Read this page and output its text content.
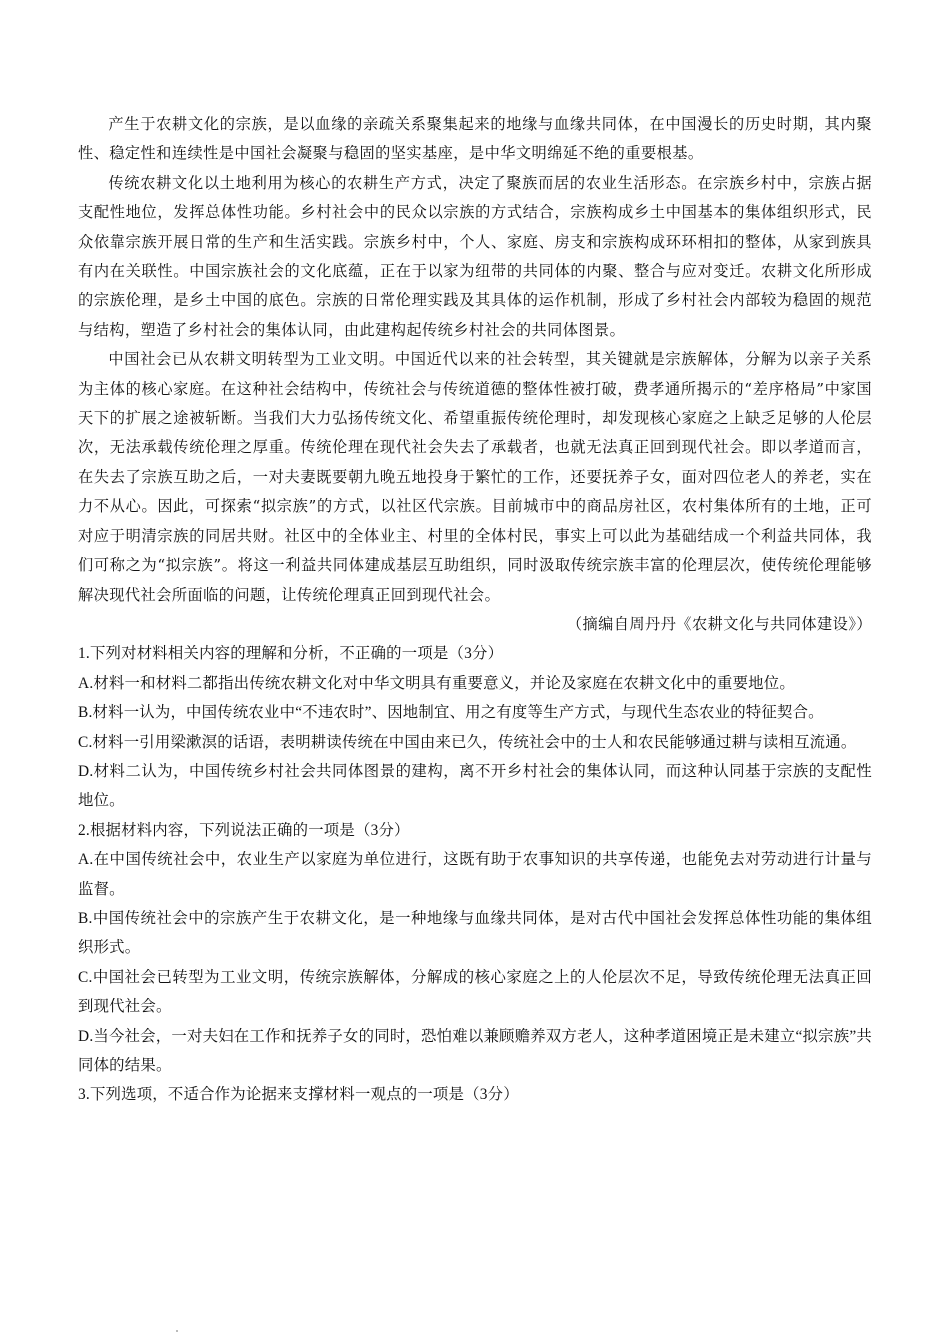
产生于农耕文化的宗族，是以血缘的亲疏关系聚集起来的地缘与血缘共同体，在中国漫长的历史时期，其内聚性、稳定性和连续性是中国社会凝聚与稳固的坚实基座，是中华文明绵延不绝的重要根基。

传统农耕文化以土地利用为核心的农耕生产方式，决定了聚族而居的农业生活形态。在宗族乡村中，宗族占据支配性地位，发挥总体性功能。乡村社会中的民众以宗族的方式结合，宗族构成乡土中国基本的集体组织形式，民众依靠宗族开展日常的生产和生活实践。宗族乡村中，个人、家庭、房支和宗族构成环环相扣的整体，从家到族具有内在关联性。中国宗族社会的文化底蕴，正在于以家为纽带的共同体的内聚、整合与应对变迁。农耕文化所形成的宗族伦理，是乡土中国的底色。宗族的日常伦理实践及其具体的运作机制，形成了乡村社会内部较为稳固的规范与结构，塑造了乡村社会的集体认同，由此建构起传统乡村社会的共同体图景。

中国社会已从农耕文明转型为工业文明。中国近代以来的社会转型，其关键就是宗族解体，分解为以亲子关系为主体的核心家庭。在这种社会结构中，传统社会与传统道德的整体性被打破，费孝通所揭示的“差序格局”中家国天下的扩展之途被斩断。当我们大力弘扬传统文化、希望重振传统伦理时，却发现核心家庭之上缺乏足够的人伦层次，无法承载传统伦理之厚重。传统伦理在现代社会失去了承载者，也就无法真正回到现代社会。即以孝道而言，在失去了宗族互助之后，一对夫妻既要朝九晚五地投身于繁忙的工作，还要抚养子女，面对四位老人的养老，实在力不从心。因此，可探索“拟宗族”的方式，以社区代宗族。目前城市中的商品房社区，农村集体所有的土地，正可对应于明清宗族的同居共财。社区中的全体业主、村里的全体村民，事实上可以此为基础结成一个利益共同体，我们可称之为“拟宗族”。将这一利益共同体建成基层互助组织，同时汲取传统宗族丰富的伦理层次，使传统伦理能够解决现代社会所面临的问题，让传统伦理真正回到现代社会。

（摘编自周丹丹《农耕文化与共同体建设》）

1.下列对材料相关内容的理解和分析，不正确的一项是（3分）

A.材料一和材料二都指出传统农耕文化对中华文明具有重要意义，并论及家庭在农耕文化中的重要地位。

B.材料一认为，中国传统农业中“不违农时”、因地制宜、用之有度等生产方式，与现代生态农业的特征契合。

C.材料一引用梁漱溟的话语，表明耕读传统在中国由来已久，传统社会中的士人和农民能够通过耕与读相互流通。

D.材料二认为，中国传统乡村社会共同体图景的建构，离不开乡村社会的集体认同，而这种认同基于宗族的支配性地位。

2.根据材料内容，下列说法正确的一项是（3分）

A.在中国传统社会中，农业生产以家庭为单位进行，这既有助于农事知识的共享传递，也能免去对劳动进行计量与监督。

B.中国传统社会中的宗族产生于农耕文化，是一种地缘与血缘共同体，是对古代中国社会发挥总体性功能的集体组织形式。

C.中国社会已转型为工业文明，传统宗族解体，分解成的核心家庭之上的人伦层次不足，导致传统伦理无法真正回到现代社会。

D.当今社会，一对夫妇在工作和抚养子女的同时，恐怕难以兼顾赡养双方老人，这种孝道困境正是未建立“拟宗族”共同体的结果。

3.下列选项，不适合作为论据来支撑材料一观点的一项是（3分）
